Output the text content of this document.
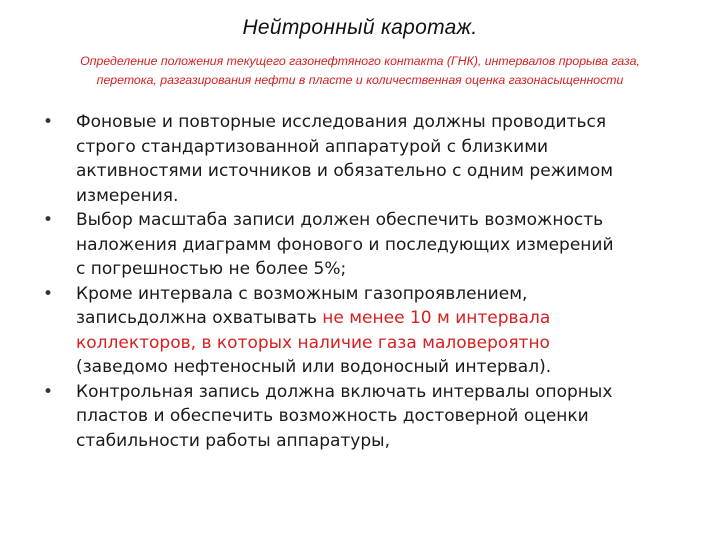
Нейтронный каротаж.
Определение положения текущего газонефтяного контакта (ГНК), интервалов прорыва газа,
перетока, разгазирования нефти в пласте и количественная оценка газонасыщенности
• Фоновые и повторные исследования должны проводиться
строго стандартизованной аппаратурой с близкими
активностями источников и обязательно с одним режимом
измерения.
• Выбор масштаба записи должен обеспечить возможность
наложения диаграмм фонового и последующих измерений
с погрешностью не более 5%;
• Кроме интервала с возможным газопроявлением,
записьдолжна охватывать не менее 10 м интервала
коллекторов, в которых наличие газа маловероятно
(заведомо нефтеносный или водоносный интервал).
• Контрольная запись должна включать интервалы опорных
пластов и обеспечить возможность достоверной оценки
стабильности работы аппаратуры,
